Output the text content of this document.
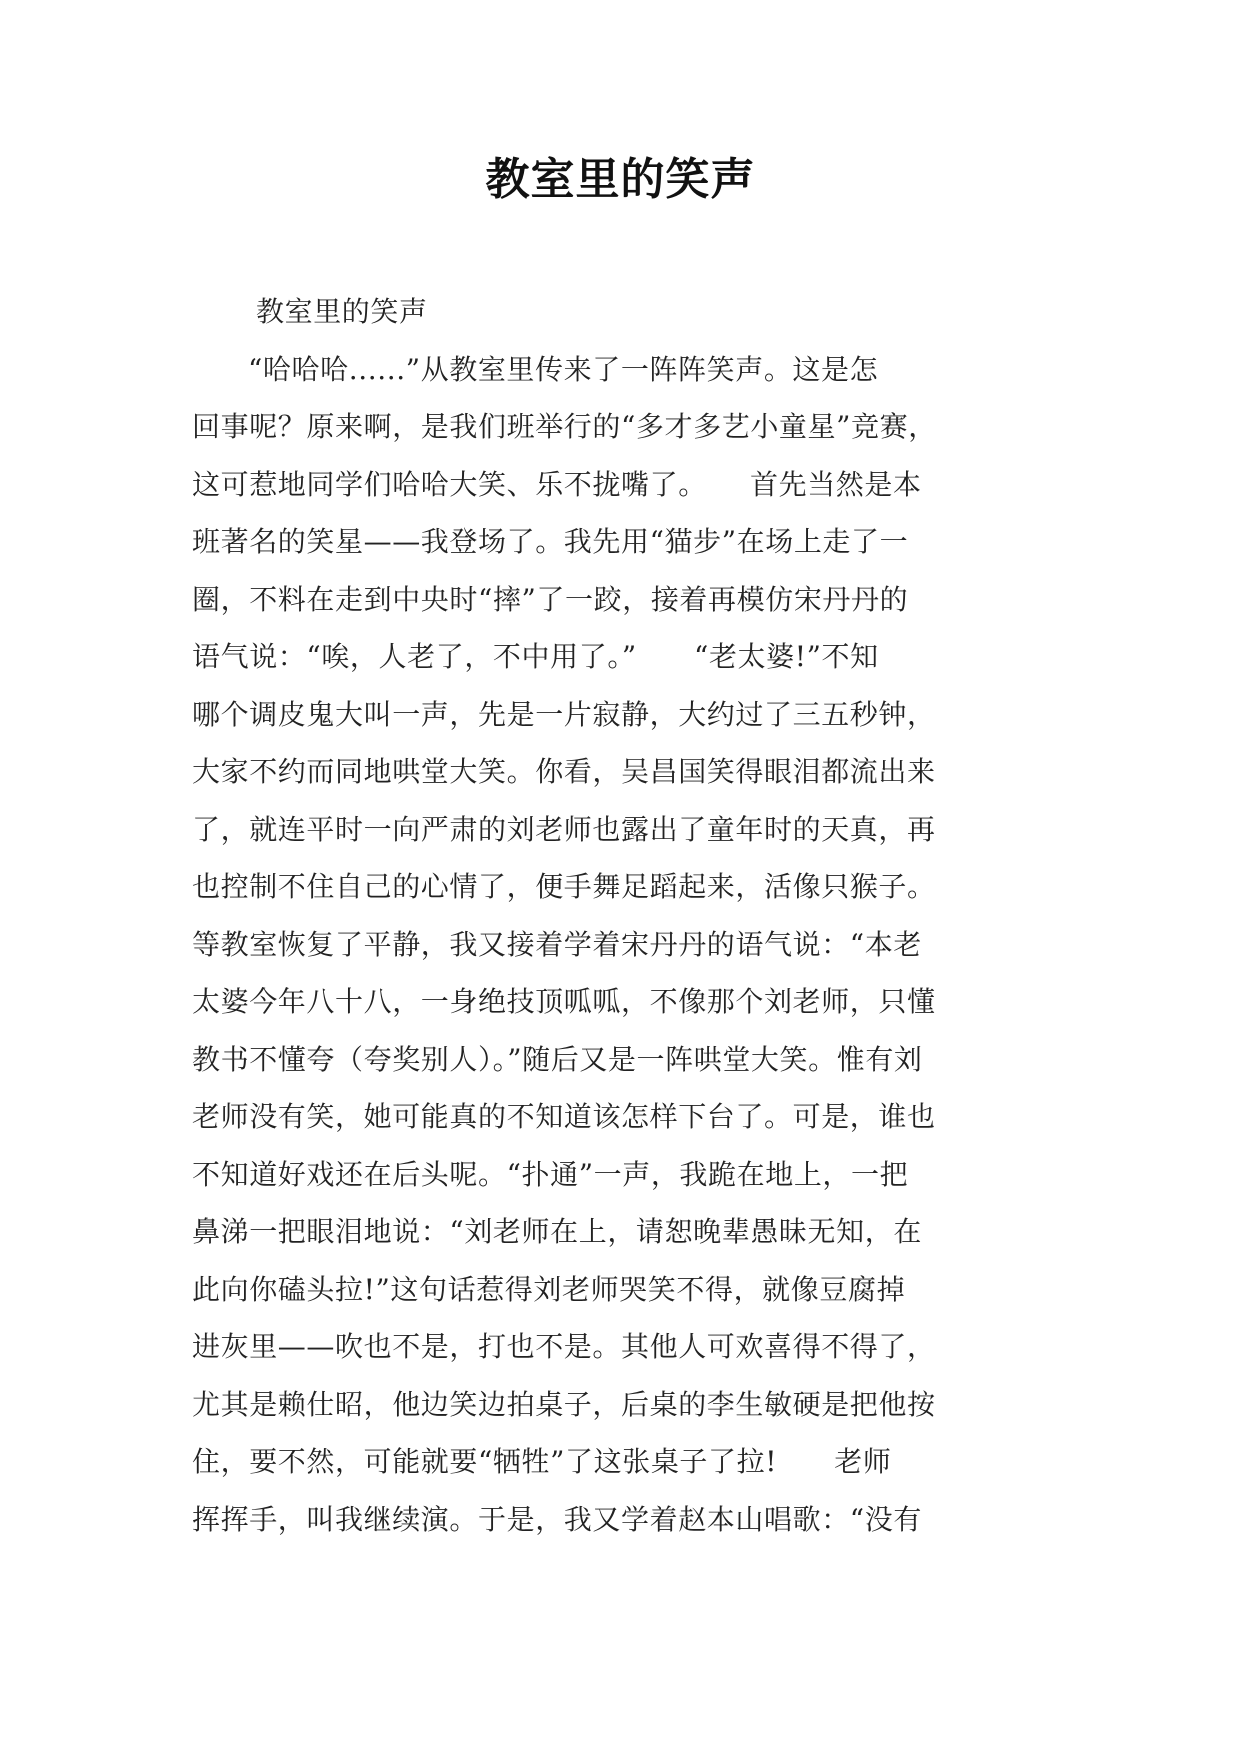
教室里的笑声
教室里的笑声
“哈哈哈......”从教室里传来了一阵阵笑声。这是怎
回事呢？原来啊，是我们班举行的“多才多艺小童星”竞赛，
这可惹地同学们哈哈大笑、乐不拢嘴了。　　首先当然是本
班著名的笑星——我登场了。我先用“猫步”在场上走了一
圈，不料在走到中央时“摔”了一跤，接着再模仿宋丹丹的
语气说：“唉，人老了，不中用了。”　　“老太婆!”不知
哪个调皮鬼大叫一声，先是一片寂静，大约过了三五秒钟，
大家不约而同地哄堂大笑。你看，吴昌国笑得眼泪都流出来
了，就连平时一向严肃的刘老师也露出了童年时的天真，再
也控制不住自己的心情了，便手舞足蹈起来，活像只猴子。
等教室恢复了平静，我又接着学着宋丹丹的语气说：“本老
太婆今年八十八，一身绝技顶呱呱，不像那个刘老师，只懂
教书不懂夸（夸奖别人）。”随后又是一阵哄堂大笑。惟有刘
老师没有笑，她可能真的不知道该怎样下台了。可是，谁也
不知道好戏还在后头呢。“扑通”一声，我跪在地上，一把
鼻涕一把眼泪地说：“刘老师在上，请恕晚辈愚昧无知，在
此向你磕头拉!”这句话惹得刘老师哭笑不得，就像豆腐掉
进灰里——吹也不是，打也不是。其他人可欢喜得不得了，
尤其是赖仕昭，他边笑边拍桌子，后桌的李生敏硬是把他按
住，要不然，可能就要“牺牲”了这张桌子了拉!　　老师
挥挥手，叫我继续演。于是，我又学着赵本山唱歌：“没有
